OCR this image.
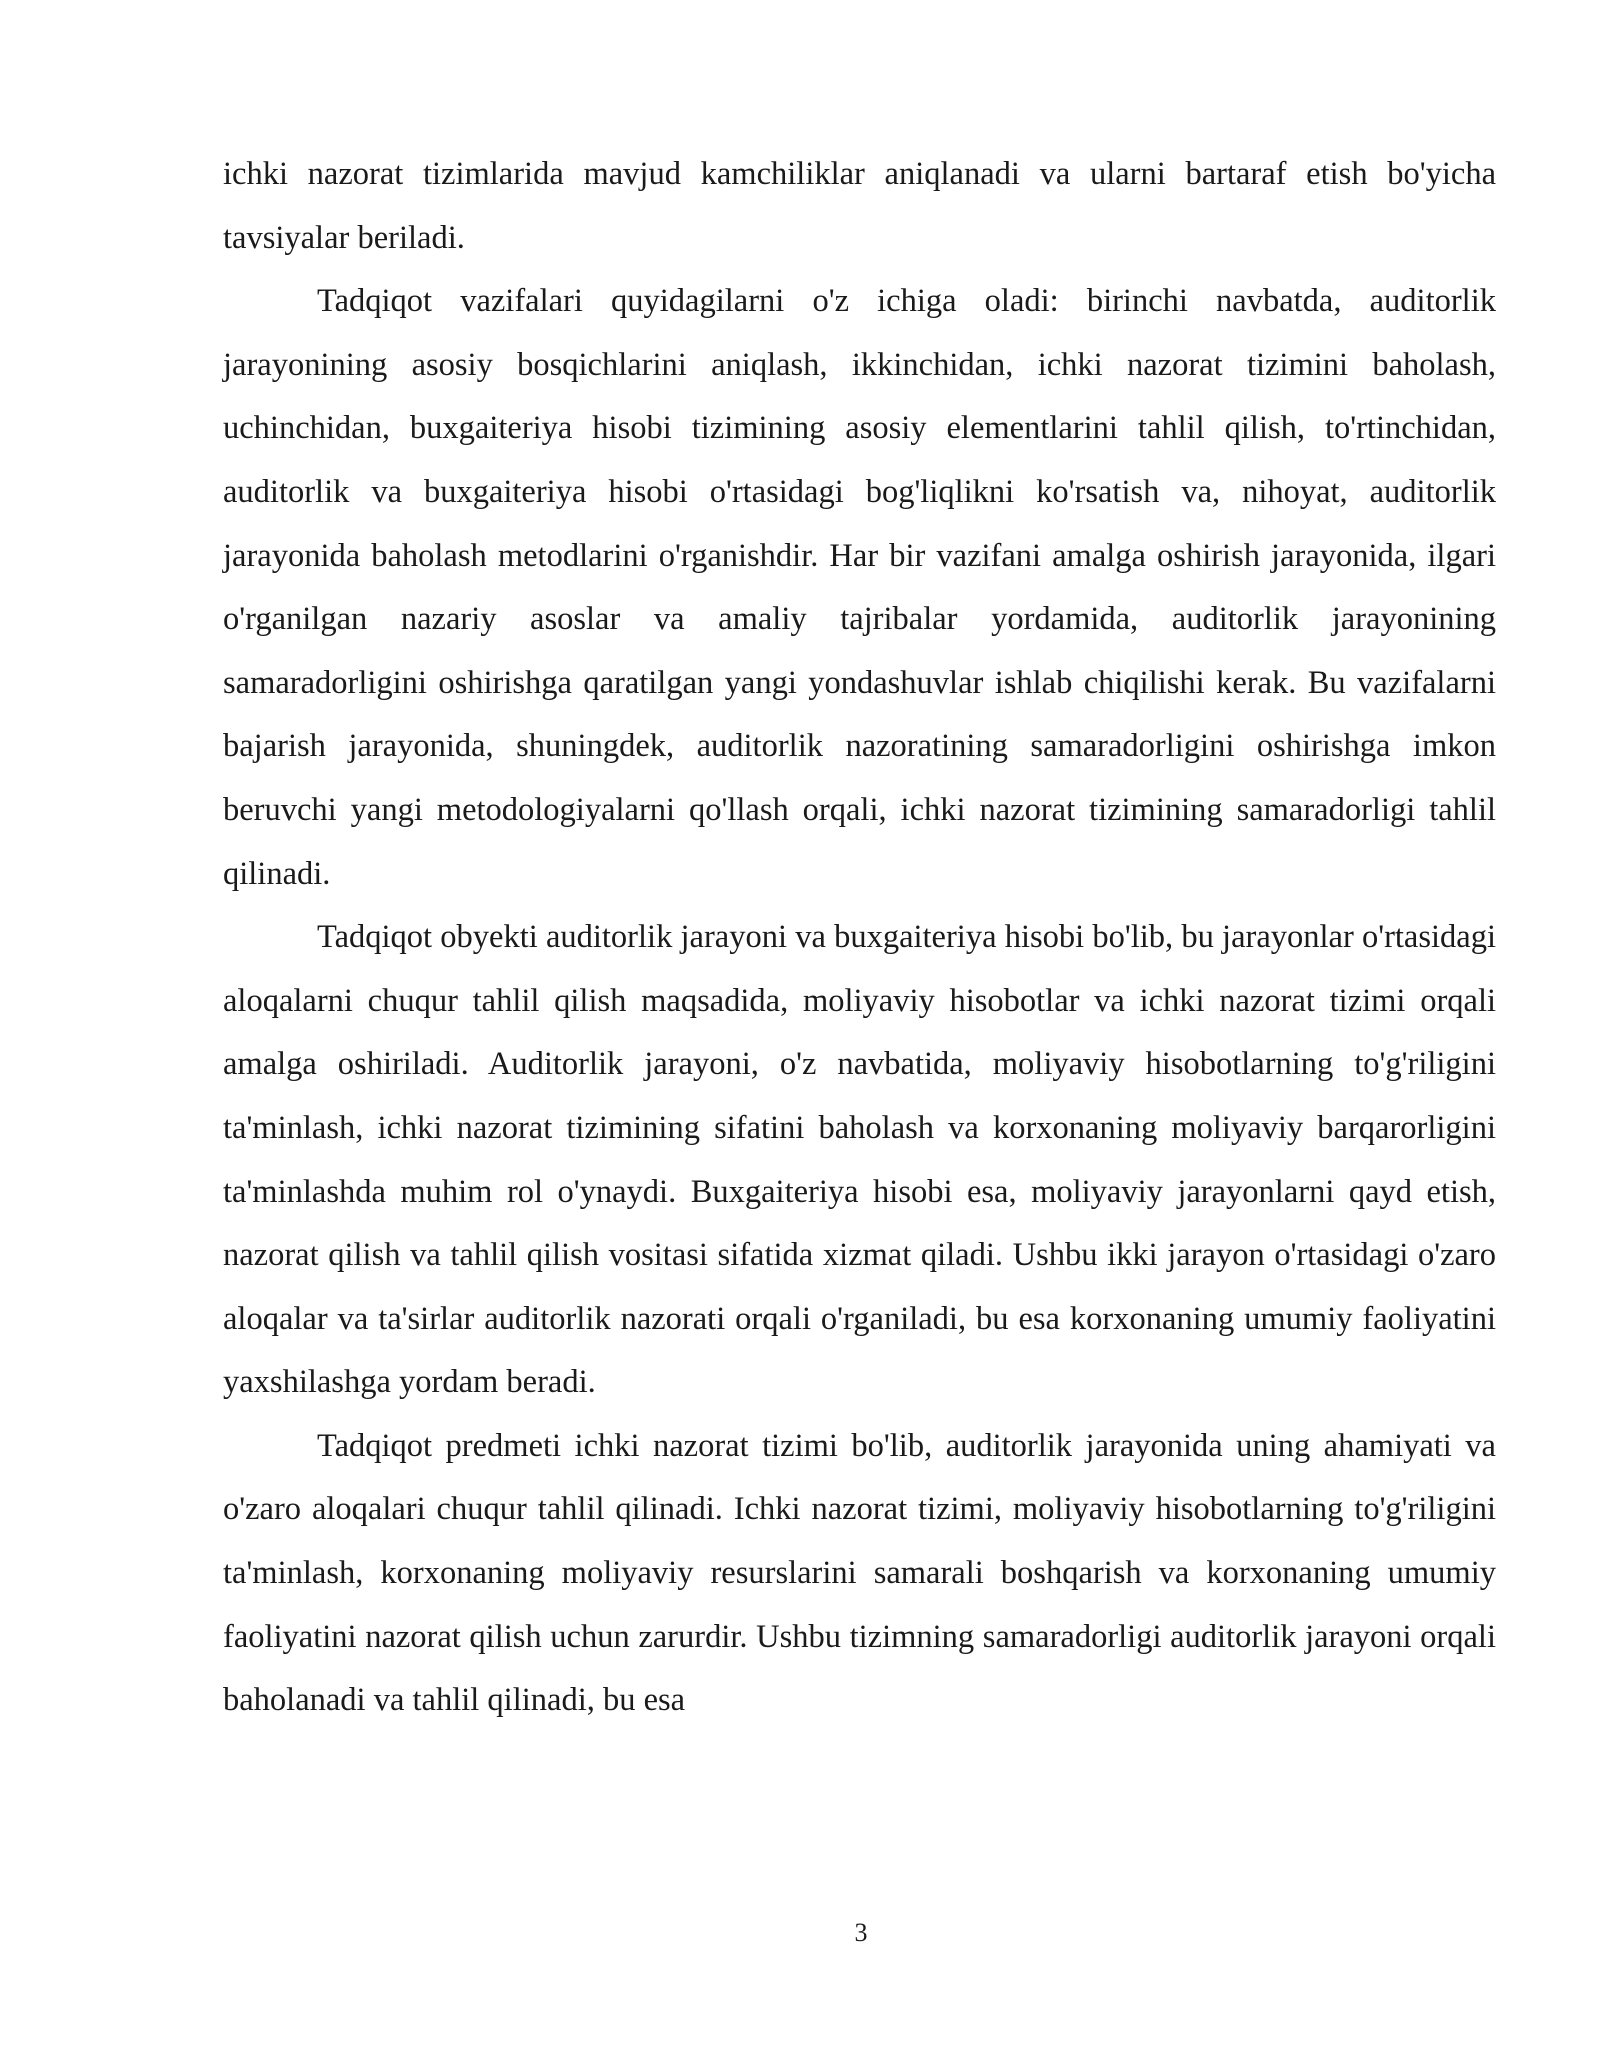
ichki nazorat tizimlarida mavjud kamchiliklar aniqlanadi va ularni bartaraf etish bo'yicha tavsiyalar beriladi.

Tadqiqot vazifalari quyidagilarni o'z ichiga oladi: birinchi navbatda, auditorlik jarayonining asosiy bosqichlarini aniqlash, ikkinchidan, ichki nazorat tizimini baholash, uchinchidan, buxgaiteriya hisobi tizimining asosiy elementlarini tahlil qilish, to'rtinchidan, auditorlik va buxgaiteriya hisobi o'rtasidagi bog'liqlikni ko'rsatish va, nihoyat, auditorlik jarayonida baholash metodlarini o'rganishdir. Har bir vazifani amalga oshirish jarayonida, ilgari o'rganilgan nazariy asoslar va amaliy tajribalar yordamida, auditorlik jarayonining samaradorligini oshirishga qaratilgan yangi yondashuvlar ishlab chiqilishi kerak. Bu vazifalarni bajarish jarayonida, shuningdek, auditorlik nazoratining samaradorligini oshirishga imkon beruvchi yangi metodologiyalarni qo'llash orqali, ichki nazorat tizimining samaradorligi tahlil qilinadi.

Tadqiqot obyekti auditorlik jarayoni va buxgaiteriya hisobi bo'lib, bu jarayonlar o'rtasidagi aloqalarni chuqur tahlil qilish maqsadida, moliyaviy hisobotlar va ichki nazorat tizimi orqali amalga oshiriladi. Auditorlik jarayoni, o'z navbatida, moliyaviy hisobotlarning to'g'riligini ta'minlash, ichki nazorat tizimining sifatini baholash va korxonaning moliyaviy barqarorligini ta'minlashda muhim rol o'ynaydi. Buxgaiteriya hisobi esa, moliyaviy jarayonlarni qayd etish, nazorat qilish va tahlil qilish vositasi sifatida xizmat qiladi. Ushbu ikki jarayon o'rtasidagi o'zaro aloqalar va ta'sirlar auditorlik nazorati orqali o'rganiladi, bu esa korxonaning umumiy faoliyatini yaxshilashga yordam beradi.

Tadqiqot predmeti ichki nazorat tizimi bo'lib, auditorlik jarayonida uning ahamiyati va o'zaro aloqalari chuqur tahlil qilinadi. Ichki nazorat tizimi, moliyaviy hisobotlarning to'g'riligini ta'minlash, korxonaning moliyaviy resurslarini samarali boshqarish va korxonaning umumiy faoliyatini nazorat qilish uchun zarurdir. Ushbu tizimning samaradorligi auditorlik jarayoni orqali baholanadi va tahlil qilinadi, bu esa

3
